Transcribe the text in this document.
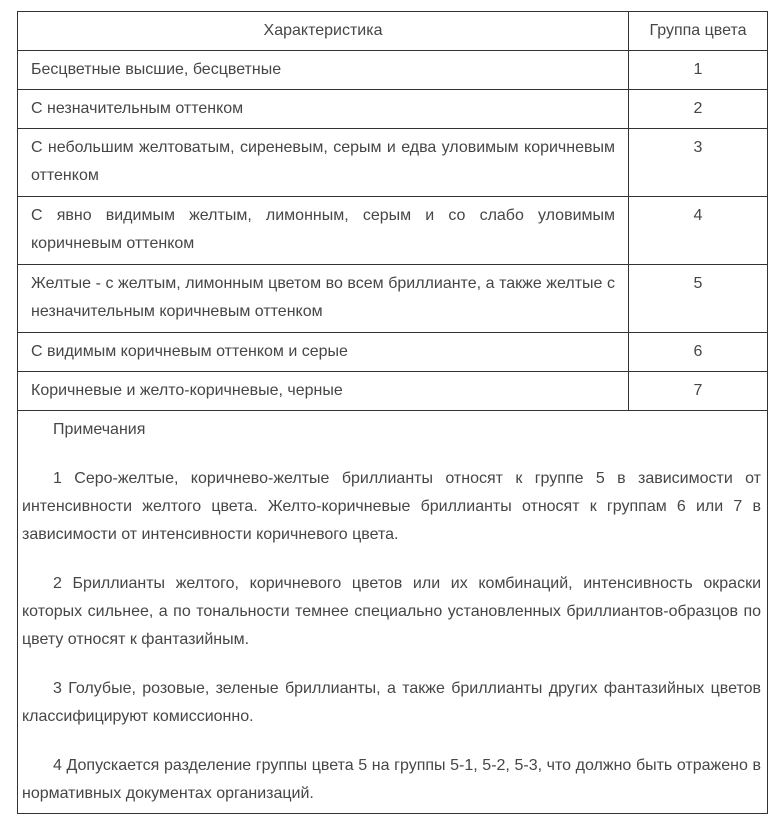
Характеристика	Группа цвета
Бесцветные высшие, бесцветные	1
С незначительным оттенком	2
С небольшим желтоватым, сиреневым, серым и едва уловимым коричневым оттенком	3
С явно видимым желтым, лимонным, серым и со слабо уловимым коричневым оттенком	4
Желтые - с желтым, лимонным цветом во всем бриллианте, а также желтые с незначительным коричневым оттенком	5
С видимым коричневым оттенком и серые	6
Коричневые и желто-коричневые, черные	7

Примечания

1 Серо-желтые, коричнево-желтые бриллианты относят к группе 5 в зависимости от интенсивности желтого цвета. Желто-коричневые бриллианты относят к группам 6 или 7 в зависимости от интенсивности коричневого цвета.

2 Бриллианты желтого, коричневого цветов или их комбинаций, интенсивность окраски которых сильнее, а по тональности темнее специально установленных бриллиантов-образцов по цвету относят к фантазийным.

3 Голубые, розовые, зеленые бриллианты, а также бриллианты других фантазийных цветов классифицируют комиссионно.

4 Допускается разделение группы цвета 5 на группы 5-1, 5-2, 5-3, что должно быть отражено в нормативных документах организаций.	
